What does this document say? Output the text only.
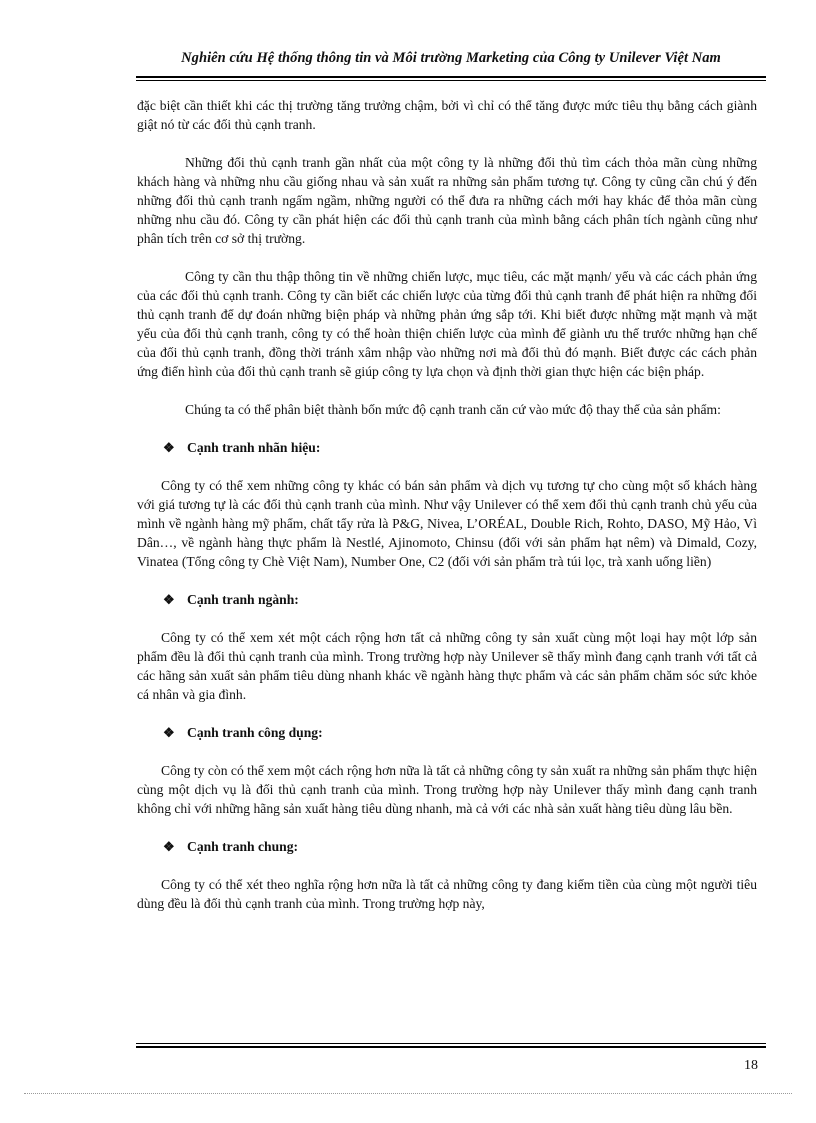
Nghiên cứu Hệ thống thông tin và Môi trường Marketing của Công ty Unilever Việt Nam

đặc biệt cần thiết khi các thị trường tăng trưởng chậm, bởi vì chỉ có thể tăng được mức tiêu thụ bằng cách giành giật nó từ các đối thủ cạnh tranh.

Những đối thủ cạnh tranh gần nhất của một công ty là những đối thủ tìm cách thỏa mãn cùng những khách hàng và những nhu cầu giống nhau và sản xuất ra những sản phẩm tương tự. Công ty cũng cần chú ý đến những đối thủ cạnh tranh ngấm ngầm, những người có thể đưa ra những cách mới hay khác để thỏa mãn cùng những nhu cầu đó. Công ty cần phát hiện các đối thủ cạnh tranh của mình bằng cách phân tích ngành cũng như phân tích trên cơ sở thị trường.

Công ty cần thu thập thông tin về những chiến lược, mục tiêu, các mặt mạnh/ yếu và các cách phản ứng của các đối thủ cạnh tranh. Công ty cần biết các chiến lược của từng đối thủ cạnh tranh để phát hiện ra những đối thủ cạnh tranh để dự đoán những biện pháp và những phản ứng sắp tới. Khi biết được những mặt mạnh và mặt yếu của đối thủ cạnh tranh, công ty có thể hoàn thiện chiến lược của mình để giành ưu thế trước những hạn chế của đối thủ cạnh tranh, đồng thời tránh xâm nhập vào những nơi mà đối thủ đó mạnh. Biết được các cách phản ứng điển hình của đối thủ cạnh tranh sẽ giúp công ty lựa chọn và định thời gian thực hiện các biện pháp.

Chúng ta có thể phân biệt thành bốn mức độ cạnh tranh căn cứ vào mức độ thay thế của sản phẩm:

❖ Cạnh tranh nhãn hiệu:

Công ty có thể xem những công ty khác có bán sản phẩm và dịch vụ tương tự cho cùng một số khách hàng với giá tương tự là các đối thủ cạnh tranh của mình. Như vậy Unilever có thể xem đối thủ cạnh tranh chủ yếu của mình về ngành hàng mỹ phẩm, chất tẩy rửa là P&G, Nivea, L’ORÉAL, Double Rich, Rohto, DASO, Mỹ Hảo, Vì Dân…, về ngành hàng thực phẩm là Nestlé, Ajinomoto, Chinsu (đối với sản phẩm hạt nêm) và Dimald, Cozy, Vinatea (Tổng công ty Chè Việt Nam), Number One, C2 (đối với sản phẩm trà túi lọc, trà xanh uống liền)

❖ Cạnh tranh ngành:

Công ty có thể xem xét một cách rộng hơn tất cả những công ty sản xuất cùng một loại hay một lớp sản phẩm đều là đối thủ cạnh tranh của mình. Trong trường hợp này Unilever sẽ thấy mình đang cạnh tranh với tất cả các hãng sản xuất sản phẩm tiêu dùng nhanh khác về ngành hàng thực phẩm và các sản phẩm chăm sóc sức khỏe cá nhân và gia đình.

❖ Cạnh tranh công dụng:

Công ty còn có thể xem một cách rộng hơn nữa là tất cả những công ty sản xuất ra những sản phẩm thực hiện cùng một dịch vụ là đối thủ cạnh tranh của mình. Trong trường hợp này Unilever thấy mình đang cạnh tranh không chỉ với những hãng sản xuất hàng tiêu dùng nhanh, mà cả với các nhà sản xuất hàng tiêu dùng lâu bền.

❖ Cạnh tranh chung:

Công ty có thể xét theo nghĩa rộng hơn nữa là tất cả những công ty đang kiếm tiền của cùng một người tiêu dùng đều là đối thủ cạnh tranh của mình. Trong trường hợp này,

18
